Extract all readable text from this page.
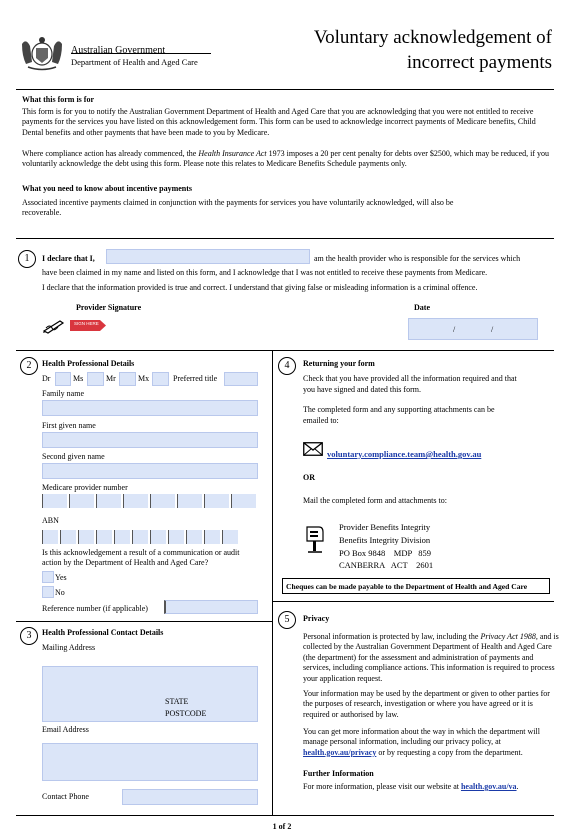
Australian Government
Department of Health and Aged Care
Voluntary acknowledgement of
incorrect payments
What this form is for
This form is for you to notify the Australian Government Department of Health and Aged Care that you are acknowledging that you were not entitled to receive payments for the services you have listed on this acknowledgement form. This form can be used to acknowledge incorrect payments of Medicare benefits, Child Dental benefits and other payments that have been made to you by Medicare.
Where compliance action has already commenced, the Health Insurance Act 1973 imposes a 20 per cent penalty for debts over $2500, which may be reduced, if you voluntarily acknowledge the debt using this form. Please note this relates to Medicare Benefits Schedule payments only.
What you need to know about incentive payments
Associated incentive payments claimed in conjunction with the payments for services you have voluntarily acknowledged, will also be recoverable.
1	I declare that I,	am the health provider who is responsible for the services which
have been claimed in my name and listed on this form, and I acknowledge that I was not entitled to receive these payments from Medicare.
I declare that the information provided is true and correct. I understand that giving false or misleading information is a criminal offence.
Provider Signature	Date
SIGN HERE
/	/
2	Health Professional Details
Dr	Ms	Mr	Mx	Preferred title
Family name
First given name
Second given name
Medicare provider number
ABN
Is this acknowledgement a result of a communication or audit
action by the Department of Health and Aged Care?
Yes
No
Reference number (if applicable)
3	Health Professional Contact Details
Mailing Address
STATE
POSTCODE
Email Address
Contact Phone
4	Returning your form
Check that you have provided all the information required and that
you have signed and dated this form.
The completed form and any supporting attachments can be
emailed to:
voluntary.compliance.team@health.gov.au
OR
Mail the completed form and attachments to:
Provider Benefits Integrity
Benefits Integrity Division
PO Box 9848    MDP   859
CANBERRA   ACT    2601
Cheques can be made payable to the Department of Health and Aged Care
5	Privacy
Personal information is protected by law, including the Privacy Act 1988, and is collected by the Australian Government Department of Health and Aged Care (the department) for the assessment and administration of payments and services, including compliance actions. This information is required to process your application request.
Your information may be used by the department or given to other parties for the purposes of research, investigation or where you have agreed or it is required or authorised by law.
You can get more information about the way in which the department will manage personal information, including our privacy policy, at health.gov.au/privacy or by requesting a copy from the department.
Further Information
For more information, please visit our website at health.gov.au/va.
1 of 2
